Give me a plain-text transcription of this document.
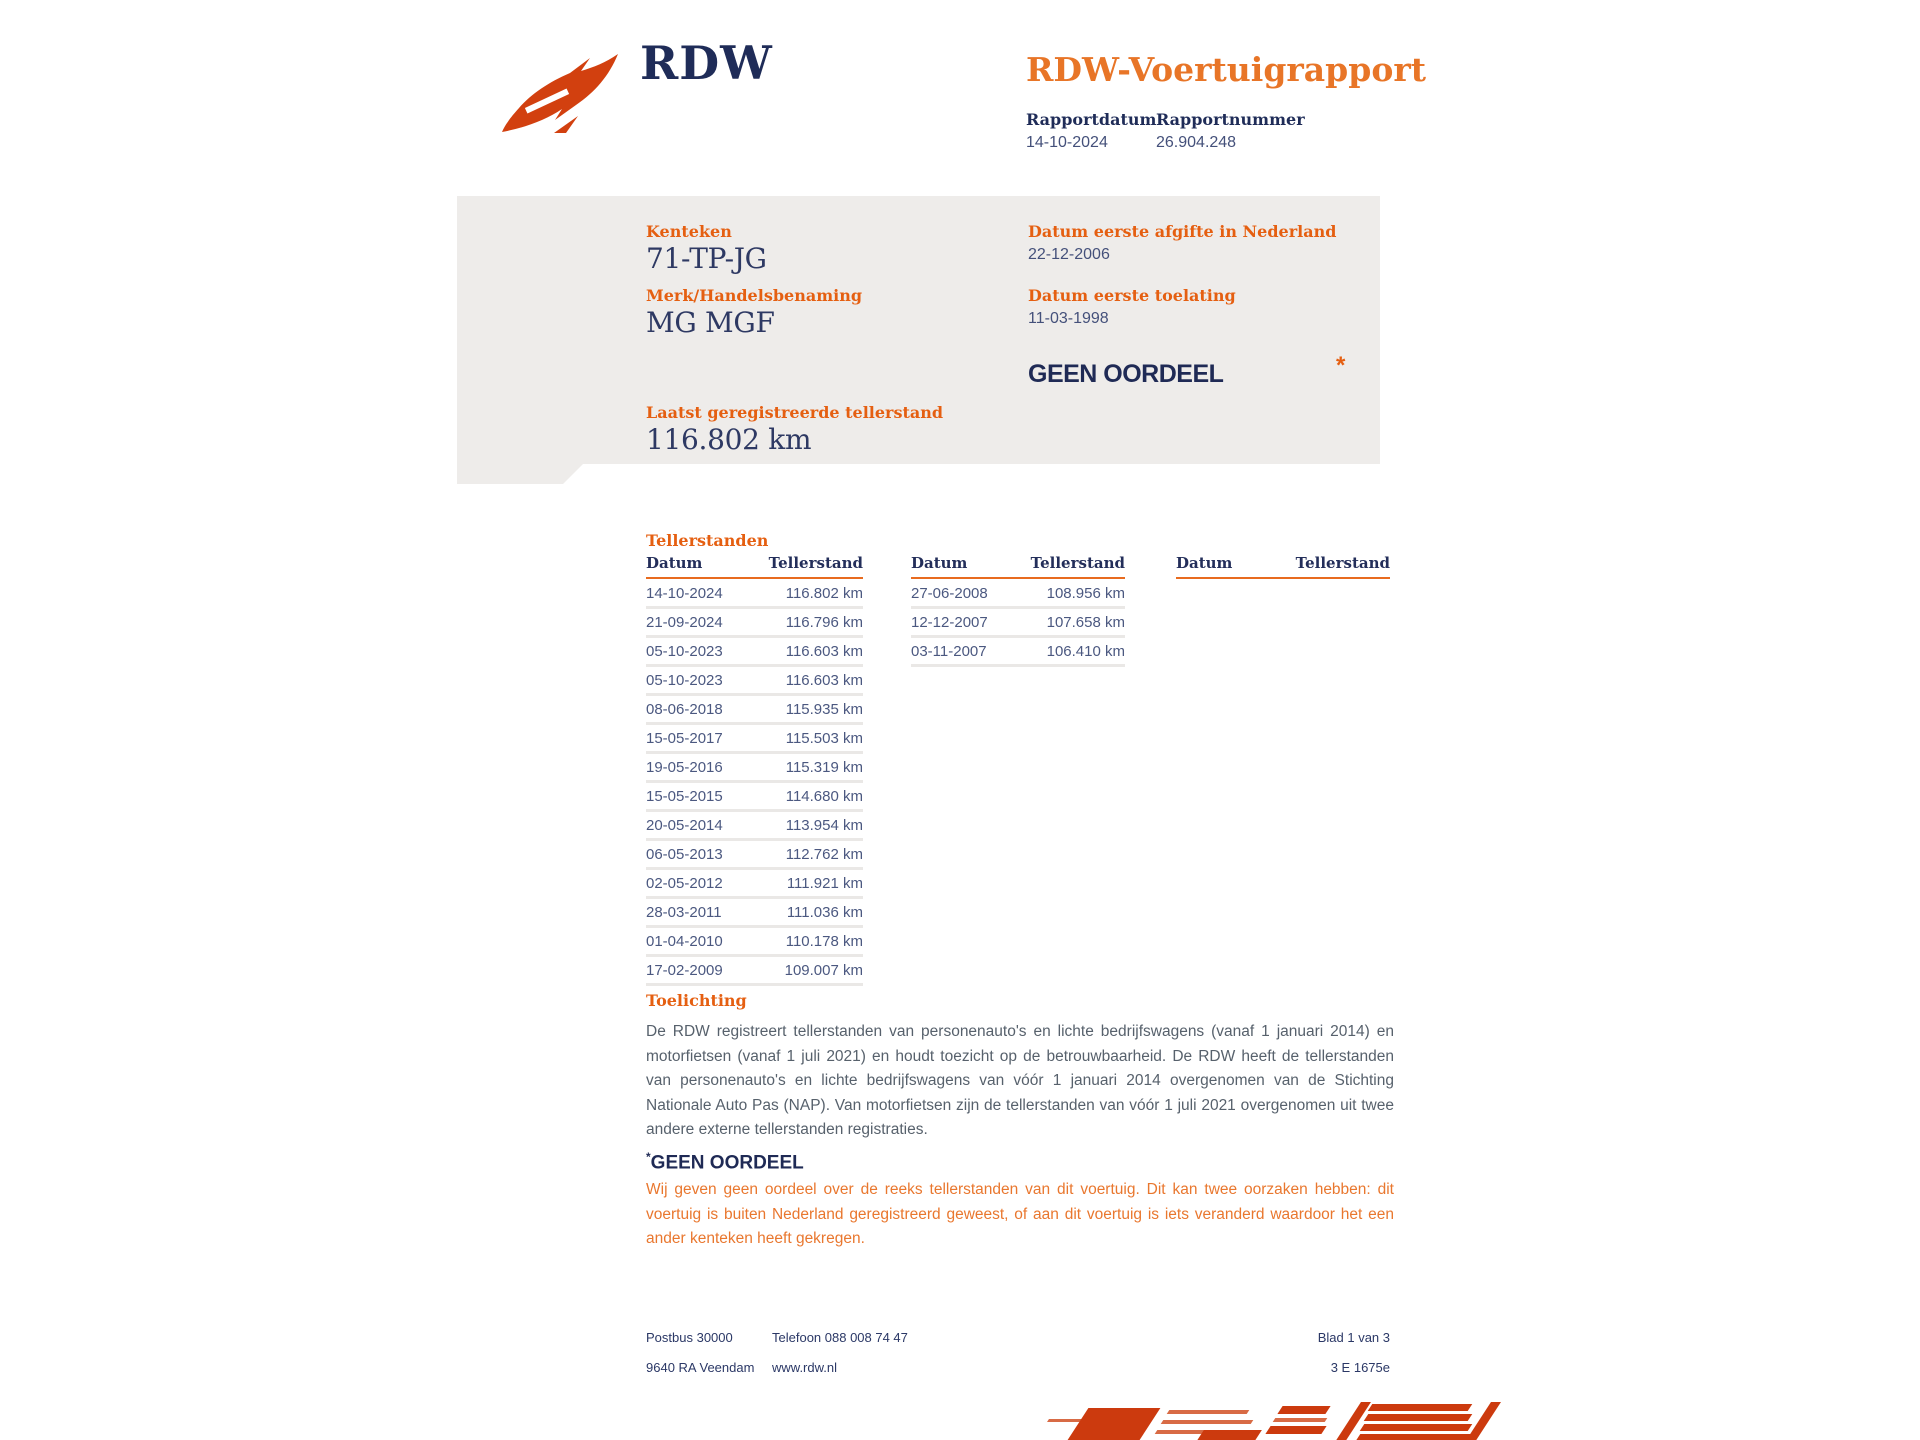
RDW	RDW-Voertuigrapport
Rapportdatum Rapportnummer
14-10-2024	26.904.248
Kenteken
71-TP-JG
Merk/Handelsbenaming
MG MGF
Datum eerste afgifte in Nederland
22-12-2006
Datum eerste toelating
11-03-1998
GEEN OORDEEL	*
Laatst geregistreerde tellerstand
116.802 km
Tellerstanden
Datum	Tellerstand
14-10-2024	116.802 km
21-09-2024	116.796 km
05-10-2023	116.603 km
05-10-2023	116.603 km
08-06-2018	115.935 km
15-05-2017	115.503 km
19-05-2016	115.319 km
15-05-2015	114.680 km
20-05-2014	113.954 km
06-05-2013	112.762 km
02-05-2012	111.921 km
28-03-2011	111.036 km
01-04-2010	110.178 km
17-02-2009	109.007 km
Datum	Tellerstand
27-06-2008	108.956 km
12-12-2007	107.658 km
03-11-2007	106.410 km
Datum	Tellerstand
Toelichting
De RDW registreert tellerstanden van personenauto's en lichte bedrijfswagens (vanaf 1 januari 2014) en motorfietsen (vanaf 1 juli 2021) en houdt toezicht op de betrouwbaarheid. De RDW heeft de tellerstanden van personenauto's en lichte bedrijfswagens van vóór 1 januari 2014 overgenomen van de Stichting Nationale Auto Pas (NAP). Van motorfietsen zijn de tellerstanden van vóór 1 juli 2021 overgenomen uit twee andere externe tellerstanden registraties.
*GEEN OORDEEL
Wij geven geen oordeel over de reeks tellerstanden van dit voertuig. Dit kan twee oorzaken hebben: dit voertuig is buiten Nederland geregistreerd geweest, of aan dit voertuig is iets veranderd waardoor het een ander kenteken heeft gekregen.
Postbus 30000
9640 RA Veendam
Telefoon 088 008 74 47
www.rdw.nl
Blad 1 van 3
3 E 1675e
